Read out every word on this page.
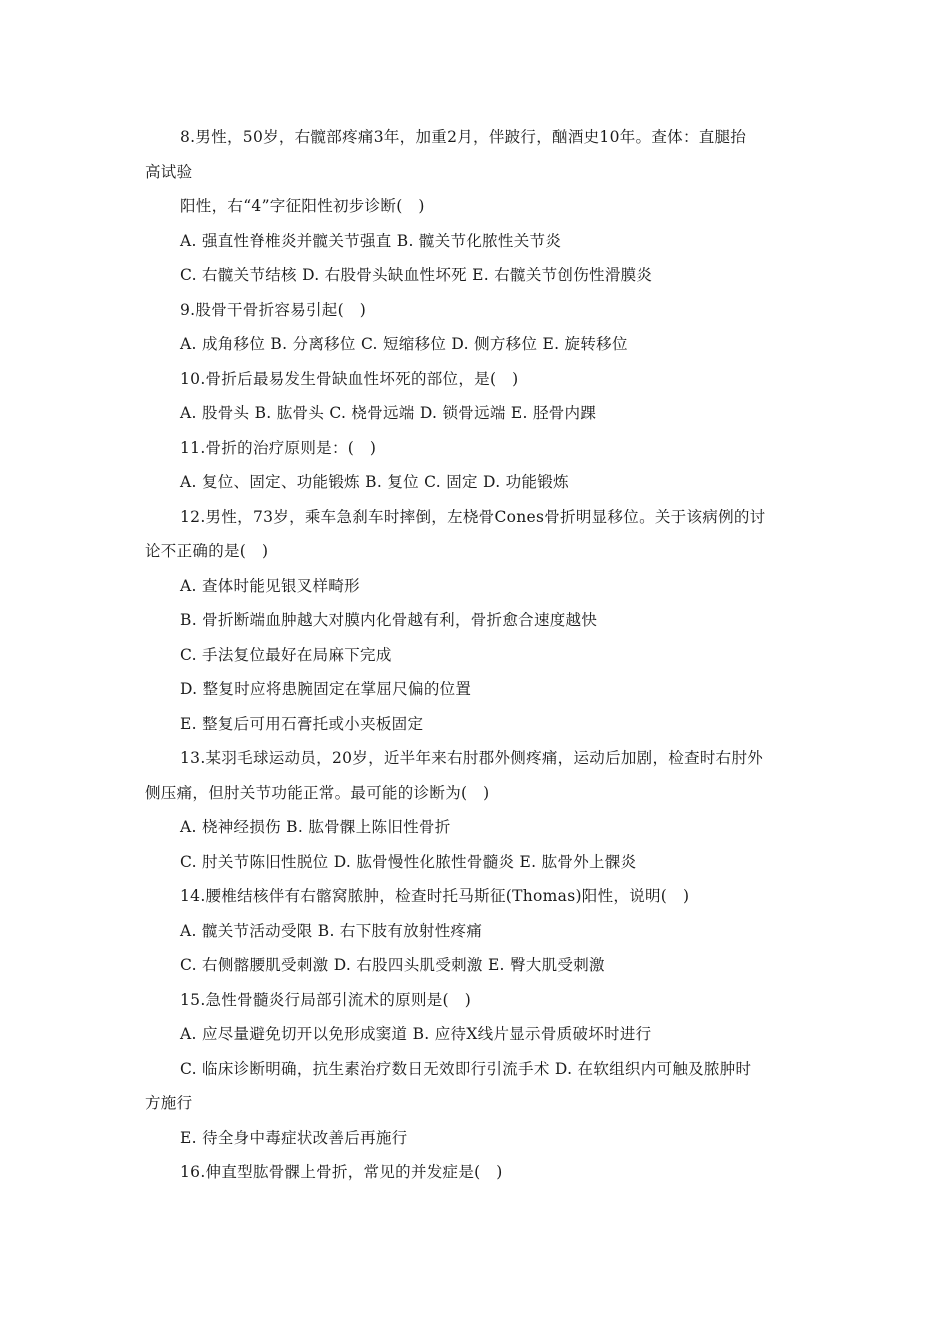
8.男性，50岁，右髋部疼痛3年，加重2月，伴跛行，酗酒史10年。查体：直腿抬
高试验
阳性，右“4”字征阳性初步诊断(　)
A. 强直性脊椎炎并髋关节强直 B. 髋关节化脓性关节炎
C. 右髋关节结核 D. 右股骨头缺血性坏死 E. 右髋关节创伤性滑膜炎
9.股骨干骨折容易引起(　)
A. 成角移位 B. 分离移位 C. 短缩移位 D. 侧方移位 E. 旋转移位
10.骨折后最易发生骨缺血性坏死的部位，是(　)
A. 股骨头 B. 肱骨头 C. 桡骨远端 D. 锁骨远端 E. 胫骨内踝
11.骨折的治疗原则是：(　)
A. 复位、固定、功能锻炼 B. 复位 C. 固定 D. 功能锻炼
12.男性，73岁，乘车急刹车时摔倒，左桡骨Cones骨折明显移位。关于该病例的讨
论不正确的是(　)
A. 查体时能见银叉样畸形
B. 骨折断端血肿越大对膜内化骨越有利，骨折愈合速度越快
C. 手法复位最好在局麻下完成
D. 整复时应将患腕固定在掌屈尺偏的位置
E. 整复后可用石膏托或小夹板固定
13.某羽毛球运动员，20岁，近半年来右肘郡外侧疼痛，运动后加剧，检查时右肘外
侧压痛，但肘关节功能正常。最可能的诊断为(　)
A. 桡神经损伤 B. 肱骨髁上陈旧性骨折
C. 肘关节陈旧性脱位 D. 肱骨慢性化脓性骨髓炎 E. 肱骨外上髁炎
14.腰椎结核伴有右髂窝脓肿，检查时托马斯征(Thomas)阳性，说明(　)
A. 髋关节活动受限 B. 右下肢有放射性疼痛
C. 右侧髂腰肌受刺激 D. 右股四头肌受刺激 E. 臀大肌受刺激
15.急性骨髓炎行局部引流术的原则是(　)
A. 应尽量避免切开以免形成窦道 B. 应待X线片显示骨质破坏时进行
C. 临床诊断明确，抗生素治疗数日无效即行引流手术 D. 在软组织内可触及脓肿时
方施行
E. 待全身中毒症状改善后再施行
16.伸直型肱骨髁上骨折，常见的并发症是(　)
